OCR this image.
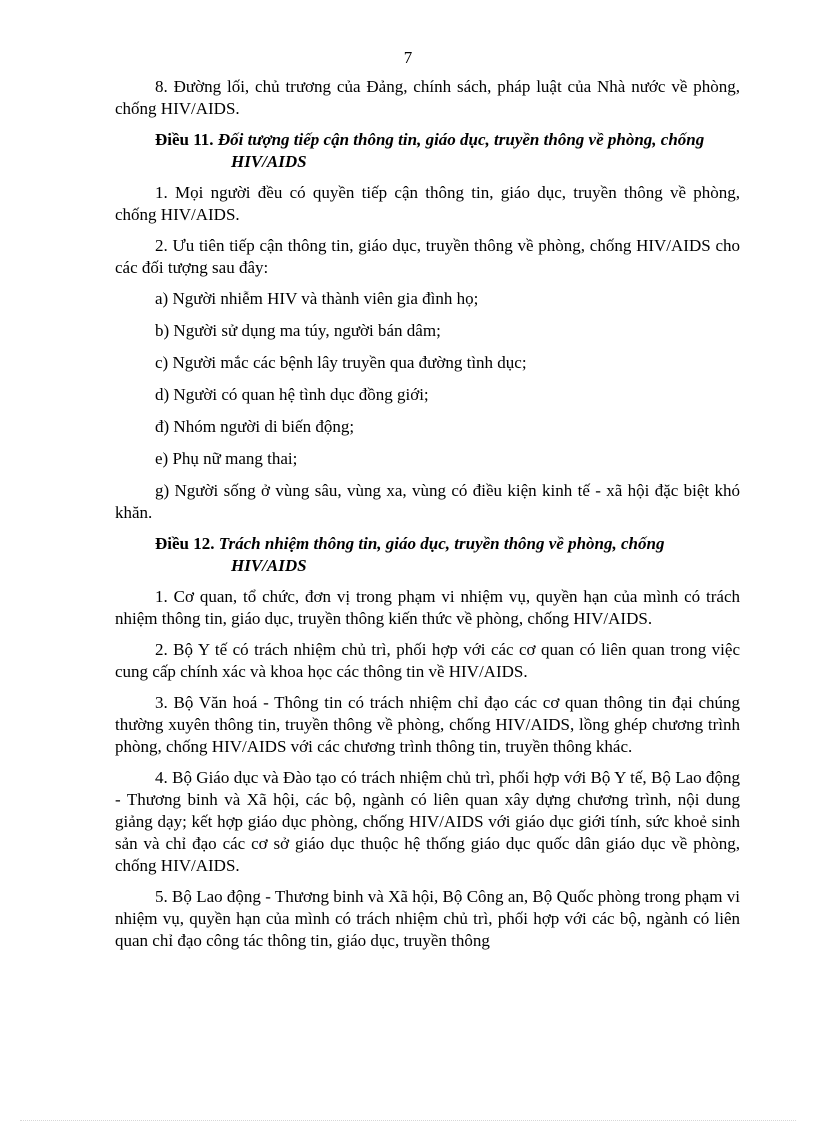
7

8. Đường lối, chủ trương của Đảng, chính sách, pháp luật của Nhà nước về phòng, chống HIV/AIDS.

Điều 11. Đối tượng tiếp cận thông tin, giáo dục, truyền thông về phòng, chống HIV/AIDS

1. Mọi người đều có quyền tiếp cận thông tin, giáo dục, truyền thông về phòng, chống HIV/AIDS.

2. Ưu tiên tiếp cận thông tin, giáo dục, truyền thông về phòng, chống HIV/AIDS cho các đối tượng sau đây:

a) Người nhiễm HIV và thành viên gia đình họ;

b) Người sử dụng ma túy, người bán dâm;

c) Người mắc các bệnh lây truyền qua đường tình dục;

d) Người có quan hệ tình dục đồng giới;

đ) Nhóm người di biến động;

e) Phụ nữ mang thai;

g) Người sống ở vùng sâu, vùng xa, vùng có điều kiện kinh tế - xã hội đặc biệt khó khăn.

Điều 12. Trách nhiệm thông tin, giáo dục, truyền thông về phòng, chống HIV/AIDS

1. Cơ quan, tổ chức, đơn vị trong phạm vi nhiệm vụ, quyền hạn của mình có trách nhiệm thông tin, giáo dục, truyền thông kiến thức về phòng, chống HIV/AIDS.

2. Bộ Y tế có trách nhiệm chủ trì, phối hợp với các cơ quan có liên quan trong việc cung cấp chính xác và khoa học các thông tin về HIV/AIDS.

3. Bộ Văn hoá - Thông tin có trách nhiệm chỉ đạo các cơ quan thông tin đại chúng thường xuyên thông tin, truyền thông về phòng, chống HIV/AIDS, lồng ghép chương trình phòng, chống HIV/AIDS với các chương trình thông tin, truyền thông khác.

4. Bộ Giáo dục và Đào tạo có trách nhiệm chủ trì, phối hợp với Bộ Y tế, Bộ Lao động - Thương binh và Xã hội, các bộ, ngành có liên quan xây dựng chương trình, nội dung giảng dạy; kết hợp giáo dục phòng, chống HIV/AIDS với giáo dục giới tính, sức khoẻ sinh sản và chỉ đạo các cơ sở giáo dục thuộc hệ thống giáo dục quốc dân giáo dục về phòng, chống HIV/AIDS.

5. Bộ Lao động - Thương binh và Xã hội, Bộ Công an, Bộ Quốc phòng trong phạm vi nhiệm vụ, quyền hạn của mình có trách nhiệm chủ trì, phối hợp với các bộ, ngành có liên quan chỉ đạo công tác thông tin, giáo dục, truyền thông
